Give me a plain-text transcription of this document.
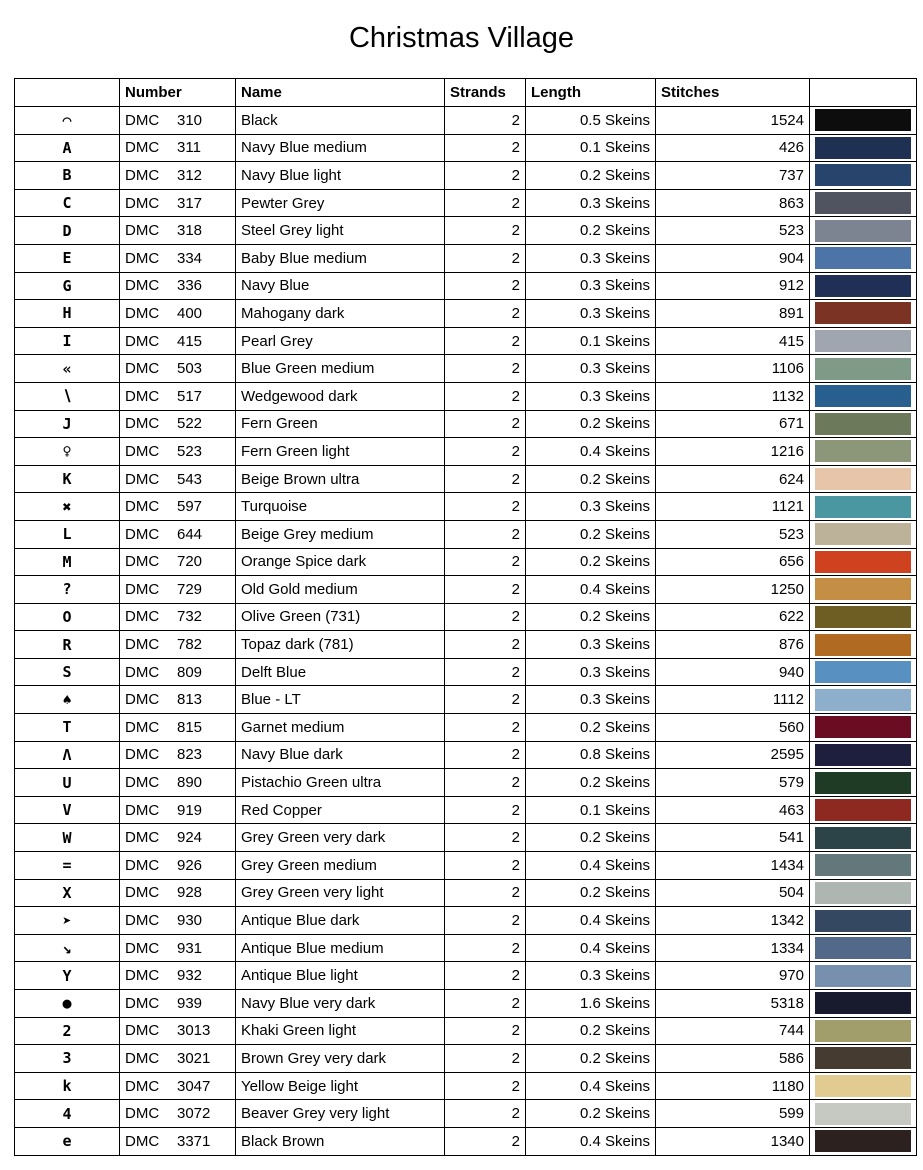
Christmas Village
	Number	Name	Strands	Length	Stitches	
⌒	DMC 310	Black	2	0.5 Skeins	1524	

A	DMC 311	Navy Blue medium	2	0.1 Skeins	426	

B	DMC 312	Navy Blue light	2	0.2 Skeins	737	

C	DMC 317	Pewter Grey	2	0.3 Skeins	863	

D	DMC 318	Steel Grey light	2	0.2 Skeins	523	

E	DMC 334	Baby Blue medium	2	0.3 Skeins	904	

G	DMC 336	Navy Blue	2	0.3 Skeins	912	

H	DMC 400	Mahogany dark	2	0.3 Skeins	891	

I	DMC 415	Pearl Grey	2	0.1 Skeins	415	

«	DMC 503	Blue Green medium	2	0.3 Skeins	1106	

∖	DMC 517	Wedgewood dark	2	0.3 Skeins	1132	

J	DMC 522	Fern Green	2	0.2 Skeins	671	

♀	DMC 523	Fern Green light	2	0.4 Skeins	1216	

K	DMC 543	Beige Brown ultra	2	0.2 Skeins	624	

✖	DMC 597	Turquoise	2	0.3 Skeins	1121	

L	DMC 644	Beige Grey medium	2	0.2 Skeins	523	

M	DMC 720	Orange Spice dark	2	0.2 Skeins	656	

?	DMC 729	Old Gold medium	2	0.4 Skeins	1250	

O	DMC 732	Olive Green (731)	2	0.2 Skeins	622	

R	DMC 782	Topaz dark (781)	2	0.3 Skeins	876	

S	DMC 809	Delft Blue	2	0.3 Skeins	940	

♠	DMC 813	Blue - LT	2	0.3 Skeins	1112	

T	DMC 815	Garnet medium	2	0.2 Skeins	560	

Λ	DMC 823	Navy Blue dark	2	0.8 Skeins	2595	

U	DMC 890	Pistachio Green ultra	2	0.2 Skeins	579	

V	DMC 919	Red Copper	2	0.1 Skeins	463	

W	DMC 924	Grey Green very dark	2	0.2 Skeins	541	

=	DMC 926	Grey Green medium	2	0.4 Skeins	1434	

X	DMC 928	Grey Green very light	2	0.2 Skeins	504	

➤	DMC 930	Antique Blue dark	2	0.4 Skeins	1342	

↘	DMC 931	Antique Blue medium	2	0.4 Skeins	1334	

Y	DMC 932	Antique Blue light	2	0.3 Skeins	970	

●	DMC 939	Navy Blue very dark	2	1.6 Skeins	5318	

2	DMC 3013	Khaki Green light	2	0.2 Skeins	744	

3	DMC 3021	Brown Grey very dark	2	0.2 Skeins	586	

k	DMC 3047	Yellow Beige light	2	0.4 Skeins	1180	

4	DMC 3072	Beaver Grey very light	2	0.2 Skeins	599	

e	DMC 3371	Black Brown	2	0.4 Skeins	1340	
